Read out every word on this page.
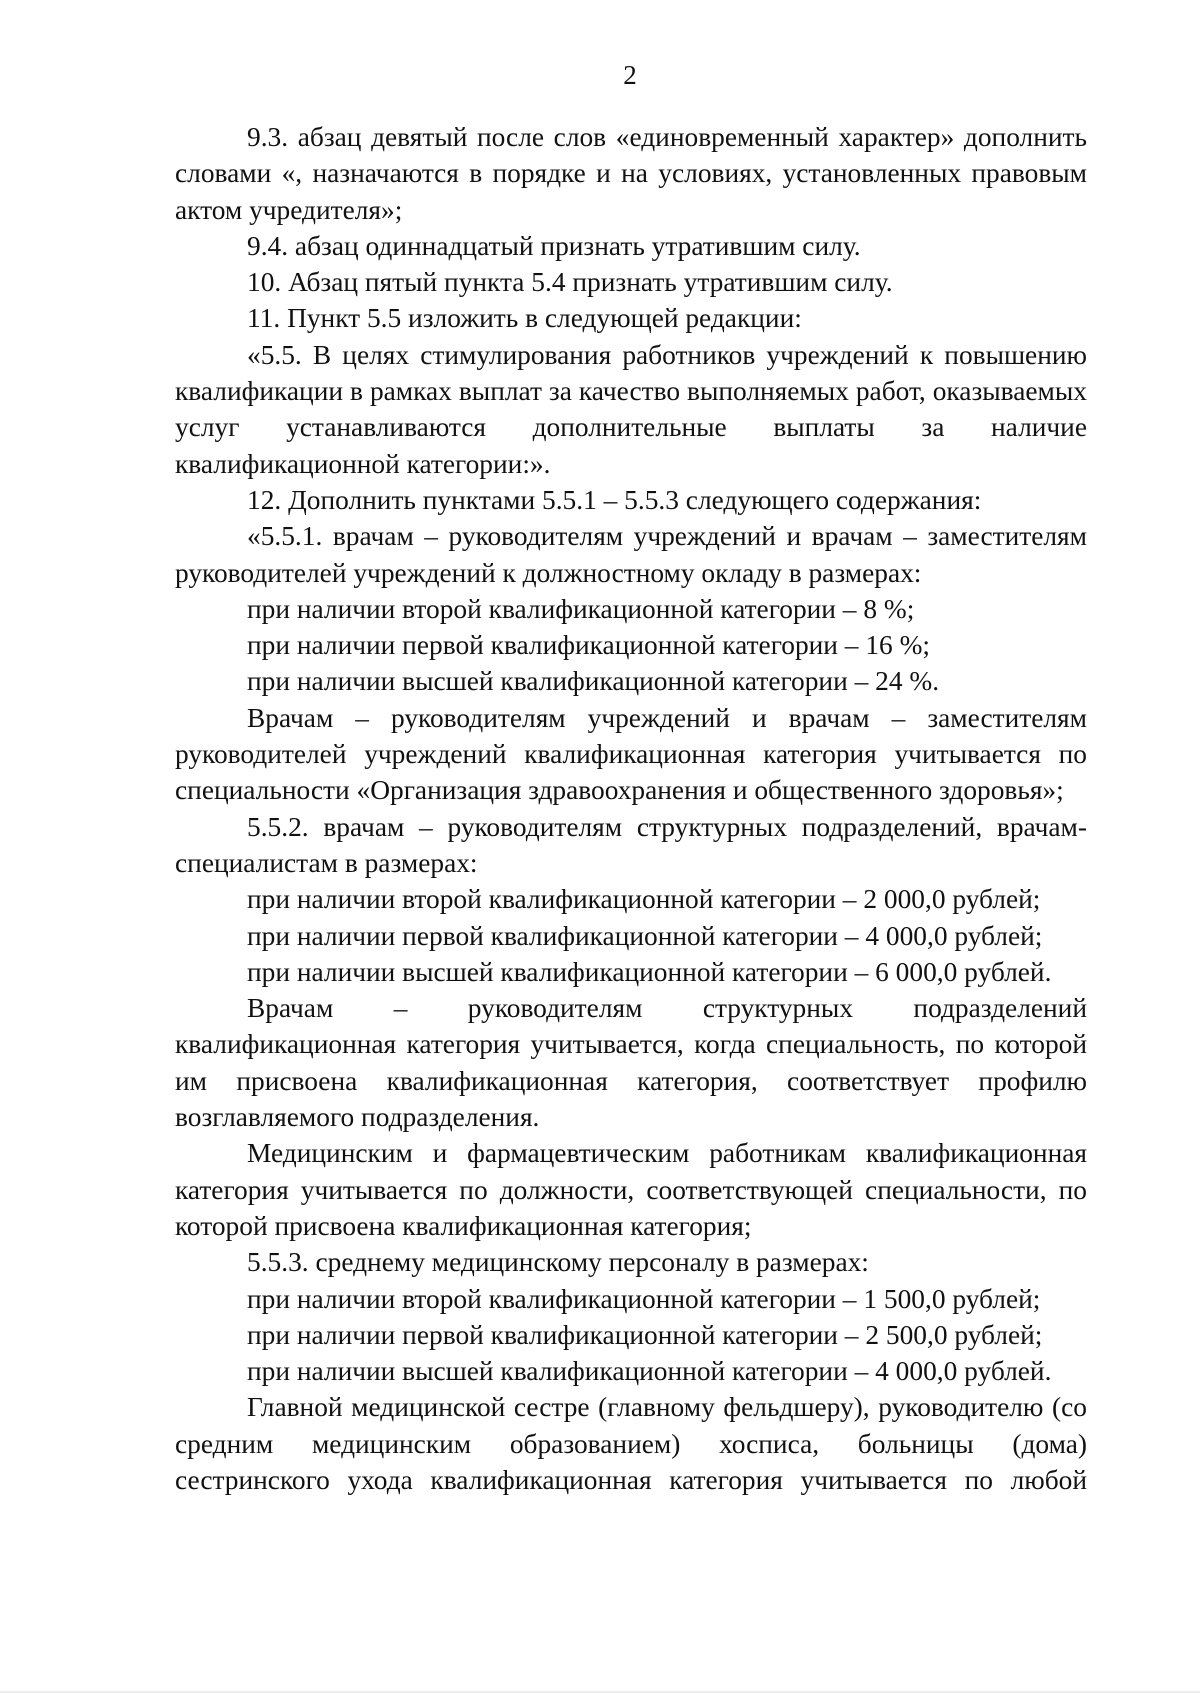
2

9.3. абзац девятый после слов «единовременный характер» дополнить словами «, назначаются в порядке и на условиях, установленных правовым актом учредителя»;

9.4. абзац одиннадцатый признать утратившим силу.

10. Абзац пятый пункта 5.4 признать утратившим силу.

11. Пункт 5.5 изложить в следующей редакции:

«5.5. В целях стимулирования работников учреждений к повышению квалификации в рамках выплат за качество выполняемых работ, оказываемых услуг устанавливаются дополнительные выплаты за наличие квалификационной категории:».

12. Дополнить пунктами 5.5.1 – 5.5.3 следующего содержания:

«5.5.1. врачам – руководителям учреждений и врачам – заместителям руководителей учреждений к должностному окладу в размерах:

при наличии второй квалификационной категории – 8 %;

при наличии первой квалификационной категории – 16 %;

при наличии высшей квалификационной категории – 24 %.

Врачам – руководителям учреждений и врачам – заместителям руководителей учреждений квалификационная категория учитывается по специальности «Организация здравоохранения и общественного здоровья»;

5.5.2. врачам – руководителям структурных подразделений, врачам-специалистам в размерах:

при наличии второй квалификационной категории – 2 000,0 рублей;

при наличии первой квалификационной категории – 4 000,0 рублей;

при наличии высшей квалификационной категории – 6 000,0 рублей.

Врачам – руководителям структурных подразделений квалификационная категория учитывается, когда специальность, по которой им присвоена квалификационная категория, соответствует профилю возглавляемого подразделения.

Медицинским и фармацевтическим работникам квалификационная категория учитывается по должности, соответствующей специальности, по которой присвоена квалификационная категория;

5.5.3. среднему медицинскому персоналу в размерах:

при наличии второй квалификационной категории – 1 500,0 рублей;

при наличии первой квалификационной категории – 2 500,0 рублей;

при наличии высшей квалификационной категории – 4 000,0 рублей.

Главной медицинской сестре (главному фельдшеру), руководителю (со средним медицинским образованием) хосписа, больницы (дома) сестринского ухода квалификационная категория учитывается по любой
